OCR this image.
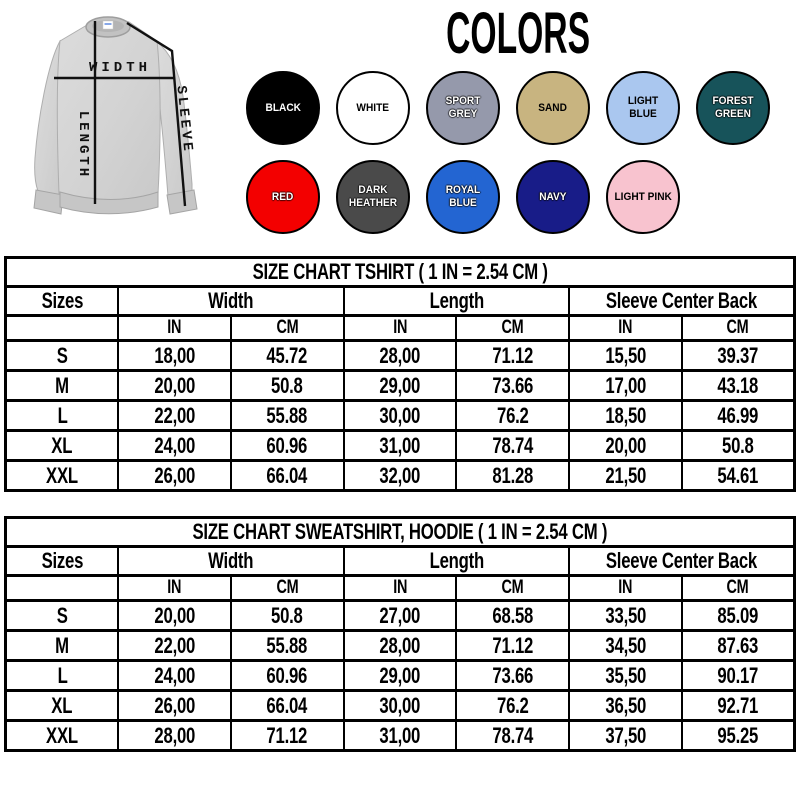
WIDTH
LENGTH	SLEEVE
COLORS
BLACK	WHITE
SPORT GREY
SAND
LIGHT BLUE
FOREST GREEN
RED
DARK HEATHER
ROYAL BLUE
NAVY	LIGHT PINK
SIZE CHART TSHIRT ( 1 IN = 2.54 CM )						
Sizes	Width		Length		Sleeve Center Back	
	IN	CM	IN	CM	IN	CM
S	18,00	45.72	28,00	71.12	15,50	39.37
M	20,00	50.8	29,00	73.66	17,00	43.18
L	22,00	55.88	30,00	76.2	18,50	46.99
XL	24,00	60.96	31,00	78.74	20,00	50.8
XXL	26,00	66.04	32,00	81.28	21,50	54.61
SIZE CHART SWEATSHIRT, HOODIE ( 1 IN = 2.54 CM )						
Sizes	Width		Length		Sleeve Center Back	
	IN	CM	IN	CM	IN	CM
S	20,00	50.8	27,00	68.58	33,50	85.09
M	22,00	55.88	28,00	71.12	34,50	87.63
L	24,00	60.96	29,00	73.66	35,50	90.17
XL	26,00	66.04	30,00	76.2	36,50	92.71
XXL	28,00	71.12	31,00	78.74	37,50	95.25
